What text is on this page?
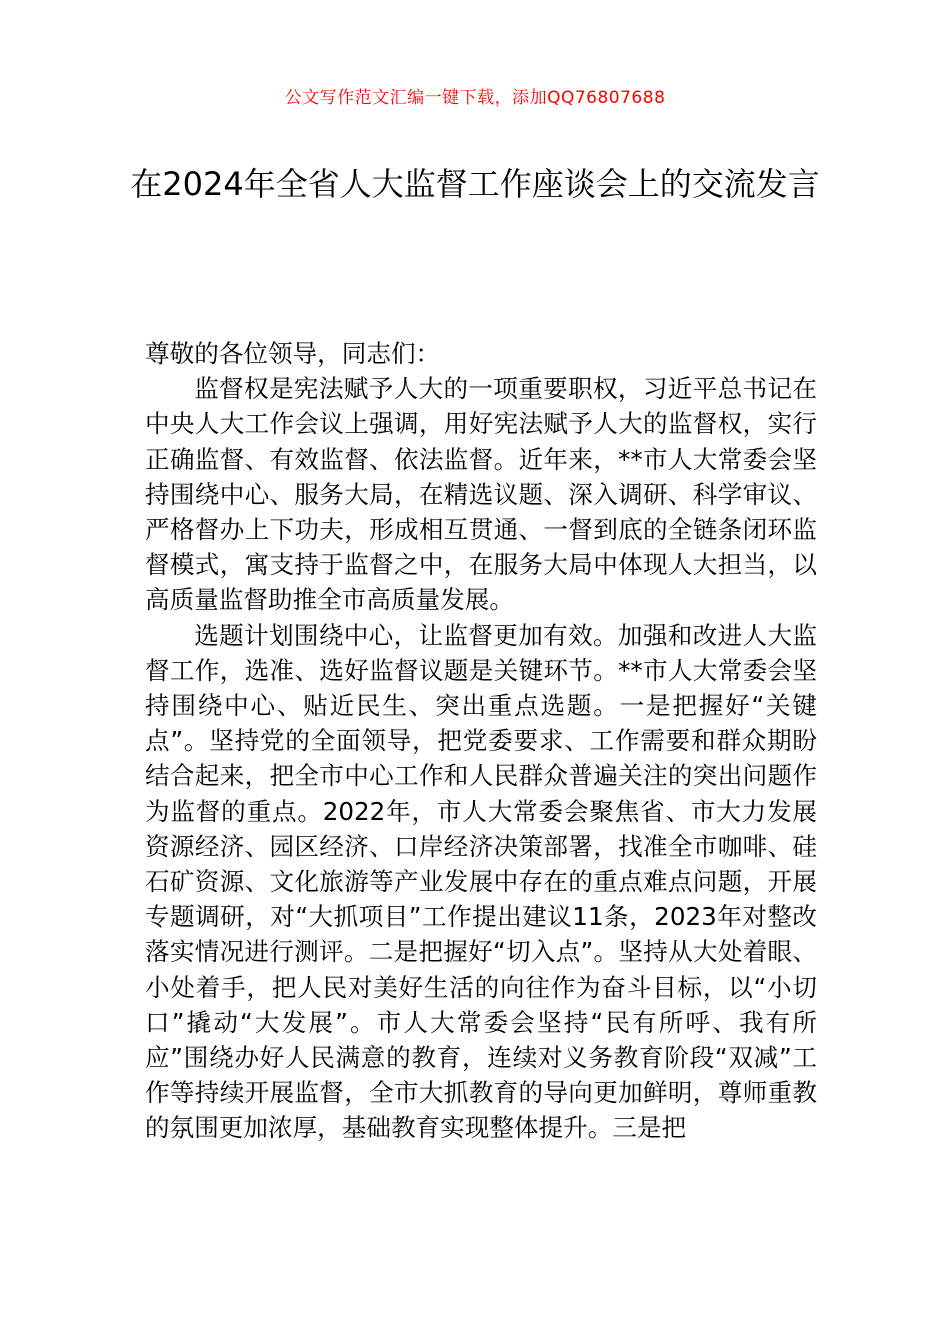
公文写作范文汇编一键下载，添加QQ76807688
在2024年全省人大监督工作座谈会上的交流发言

尊敬的各位领导，同志们：

监督权是宪法赋予人大的一项重要职权，习近平总书记在中央人大工作会议上强调，用好宪法赋予人大的监督权，实行正确监督、有效监督、依法监督。近年来，**市人大常委会坚持围绕中心、服务大局，在精选议题、深入调研、科学审议、严格督办上下功夫，形成相互贯通、一督到底的全链条闭环监督模式，寓支持于监督之中，在服务大局中体现人大担当，以高质量监督助推全市高质量发展。

选题计划围绕中心，让监督更加有效。加强和改进人大监督工作，选准、选好监督议题是关键环节。**市人大常委会坚持围绕中心、贴近民生、突出重点选题。一是把握好“关键点”。坚持党的全面领导，把党委要求、工作需要和群众期盼结合起来，把全市中心工作和人民群众普遍关注的突出问题作为监督的重点。2022年，市人大常委会聚焦省、市大力发展资源经济、园区经济、口岸经济决策部署，找准全市咖啡、硅石矿资源、文化旅游等产业发展中存在的重点难点问题，开展专题调研，对“大抓项目”工作提出建议11条，2023年对整改落实情况进行测评。二是把握好“切入点”。坚持从大处着眼、小处着手，把人民对美好生活的向往作为奋斗目标，以“小切口”撬动“大发展”。市人大常委会坚持“民有所呼、我有所应”围绕办好人民满意的教育，连续对义务教育阶段“双减”工作等持续开展监督，全市大抓教育的导向更加鲜明，尊师重教的氛围更加浓厚，基础教育实现整体提升。三是把
